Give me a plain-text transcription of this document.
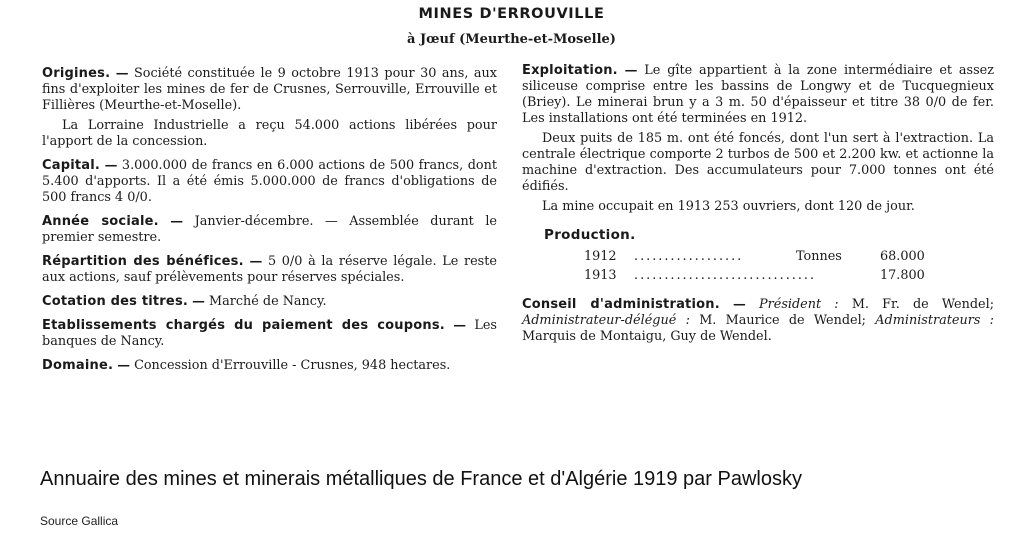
MINES D'ERROUVILLE
à Jœuf (Meurthe-et-Moselle)

Origines. — Société constituée le 9 octobre 1913 pour 30 ans, aux fins d'exploiter les mines de fer de Crusnes, Serrouville, Errouville et Fillières (Meurthe-et-Moselle).

La Lorraine Industrielle a reçu 54.000 actions libérées pour l'apport de la concession.

Capital. — 3.000.000 de francs en 6.000 actions de 500 francs, dont 5.400 d'apports. Il a été émis 5.000.000 de francs d'obligations de 500 francs 4 0/0.

Année sociale. — Janvier-décembre. — Assemblée durant le premier semestre.

Répartition des bénéfices. — 5 0/0 à la réserve légale. Le reste aux actions, sauf prélèvements pour réserves spéciales.

Cotation des titres. — Marché de Nancy.

Etablissements chargés du paiement des coupons. — Les banques de Nancy.

Domaine. — Concession d'Errouville - Crusnes, 948 hectares.

Exploitation. — Le gîte appartient à la zone intermédiaire et assez siliceuse comprise entre les bassins de Longwy et de Tucquegnieux (Briey). Le minerai brun y a 3 m. 50 d'épaisseur et titre 38 0/0 de fer. Les installations ont été terminées en 1912.

Deux puits de 185 m. ont été foncés, dont l'un sert à l'extraction. La centrale électrique comporte 2 turbos de 500 et 2.200 kw. et actionne la machine d'extraction. Des accumulateurs pour 7.000 tonnes ont été édifiés.

La mine occupait en 1913 253 ouvriers, dont 120 de jour.

Production.
1912 ..................	Tonnes	68.000
1913 ..............................	17.800

Conseil d'administration. — Président : M. Fr. de Wendel; Administrateur-délégué : M. Maurice de Wendel; Administrateurs : Marquis de Montaigu, Guy de Wendel.

Annuaire des mines et minerais métalliques de France et d'Algérie 1919 par Pawlosky
Source Gallica
